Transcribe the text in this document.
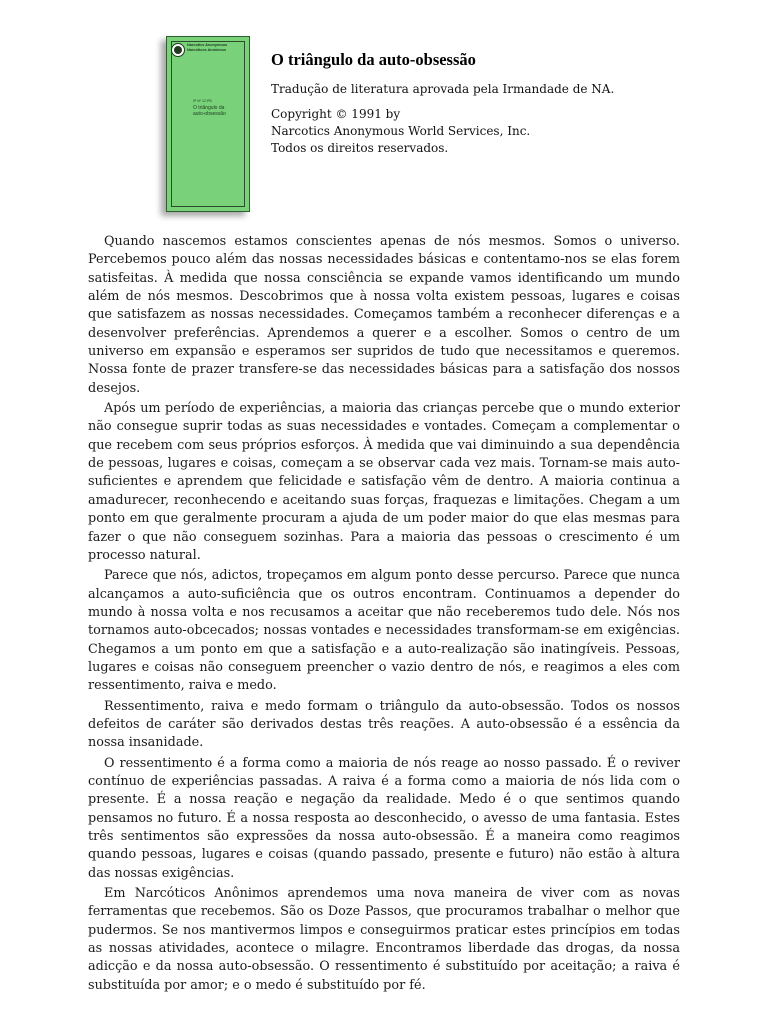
Narcotics Anonymous
Narcóticos Anónimos
IP Nº 12-PB
O triângulo da
auto-obsessão
O triângulo da auto-obsessão
Tradução de literatura aprovada pela Irmandade de NA.
Copyright © 1991 by
Narcotics Anonymous World Services, Inc.
Todos os direitos reservados.

Quando nascemos estamos conscientes apenas de nós mesmos. Somos o universo. Percebemos pouco além das nossas necessidades básicas e contentamo-nos se elas forem satisfeitas. À medida que nossa consciência se expande vamos identificando um mundo além de nós mesmos. Descobrimos que à nossa volta existem pessoas, lugares e coisas que satisfazem as nossas necessidades. Começamos também a reconhecer diferenças e a desenvolver preferências. Aprendemos a querer e a escolher. Somos o centro de um universo em expansão e esperamos ser supridos de tudo que necessitamos e queremos. Nossa fonte de prazer transfere-se das necessidades básicas para a satisfação dos nossos desejos.

Após um período de experiências, a maioria das crianças percebe que o mundo exterior não consegue suprir todas as suas necessidades e vontades. Começam a complementar o que recebem com seus próprios esforços. À medida que vai diminuindo a sua dependência de pessoas, lugares e coisas, começam a se observar cada vez mais. Tornam-se mais auto-suficientes e aprendem que felicidade e satisfação vêm de dentro. A maioria continua a amadurecer, reconhecendo e aceitando suas forças, fraquezas e limitações. Chegam a um ponto em que geralmente procuram a ajuda de um poder maior do que elas mesmas para fazer o que não conseguem sozinhas. Para a maioria das pessoas o crescimento é um processo natural.

Parece que nós, adictos, tropeçamos em algum ponto desse percurso. Parece que nunca alcançamos a auto-suficiência que os outros encontram. Continuamos a depender do mundo à nossa volta e nos recusamos a aceitar que não receberemos tudo dele. Nós nos tornamos auto-obcecados; nossas vontades e necessidades transformam-se em exigências. Chegamos a um ponto em que a satisfação e a auto-realização são inatingíveis. Pessoas, lugares e coisas não conseguem preencher o vazio dentro de nós, e reagimos a eles com ressentimento, raiva e medo.

Ressentimento, raiva e medo formam o triângulo da auto-obsessão. Todos os nossos defeitos de caráter são derivados destas três reações. A auto-obsessão é a essência da nossa insanidade.

O ressentimento é a forma como a maioria de nós reage ao nosso passado. É o reviver contínuo de experiências passadas. A raiva é a forma como a maioria de nós lida com o presente. É a nossa reação e negação da realidade. Medo é o que sentimos quando pensamos no futuro. É a nossa resposta ao desconhecido, o avesso de uma fantasia. Estes três sentimentos são expressões da nossa auto-obsessão. É a maneira como reagimos quando pessoas, lugares e coisas (quando passado, presente e futuro) não estão à altura das nossas exigências.

Em Narcóticos Anônimos aprendemos uma nova maneira de viver com as novas ferramentas que recebemos. São os Doze Passos, que procuramos trabalhar o melhor que pudermos. Se nos mantivermos limpos e conseguirmos praticar estes princípios em todas as nossas atividades, acontece o milagre. Encontramos liberdade das drogas, da nossa adicção e da nossa auto-obsessão. O ressentimento é substituído por aceitação; a raiva é substituída por amor; e o medo é substituído por fé.
